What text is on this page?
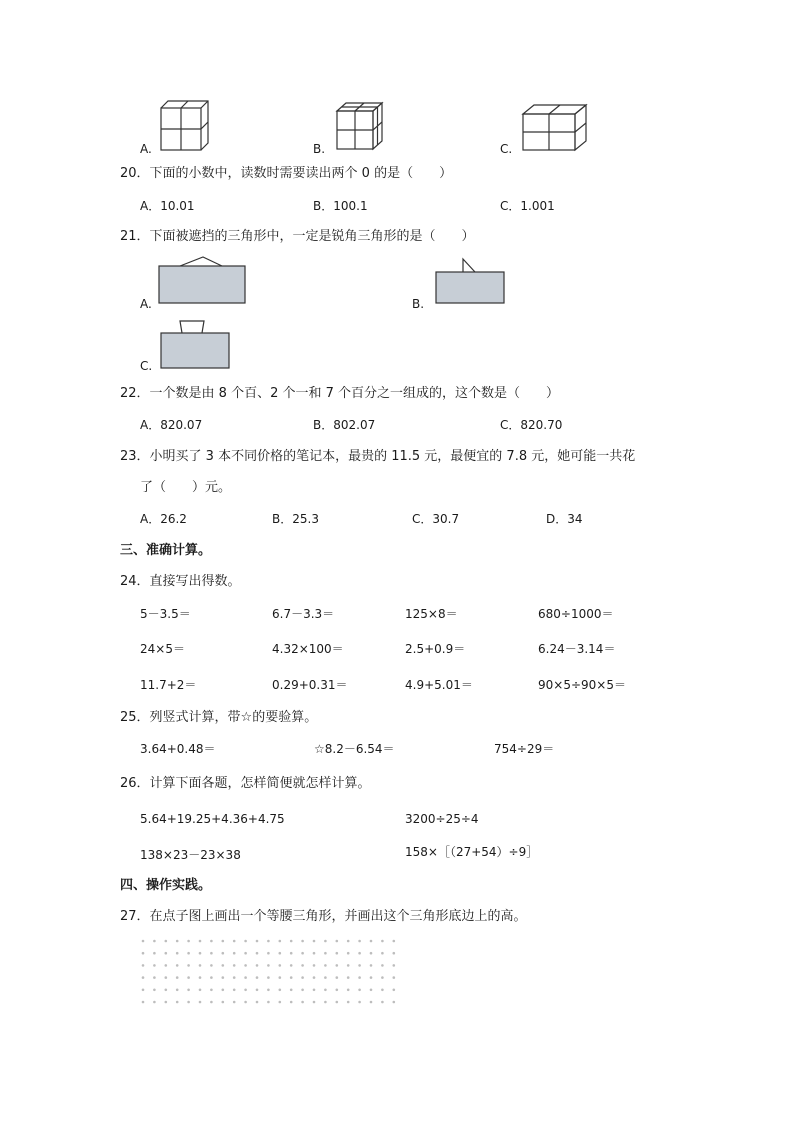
A.	B.	C.
20．下面的小数中，读数时需要读出两个 0 的是（　　）
A．10.01	B．100.1	C．1.001
21．下面被遮挡的三角形中，一定是锐角三角形的是（　　）
A.	B.
C.
22．一个数是由 8 个百、2 个一和 7 个百分之一组成的，这个数是（　　）
A．820.07	B．802.07	C．820.70
23．小明买了 3 本不同价格的笔记本，最贵的 11.5 元，最便宜的 7.8 元，她可能一共花
了（　　）元。
A．26.2	B．25.3	C．30.7	D．34
三、准确计算。
24．直接写出得数。
5－3.5＝	6.7－3.3＝	125×8＝	680÷1000＝
24×5＝	4.32×100＝	2.5+0.9＝	6.24－3.14＝
11.7+2＝	0.29+0.31＝	4.9+5.01＝	90×5÷90×5＝
25．列竖式计算，带☆的要验算。
3.64+0.48＝	☆8.2－6.54＝	754÷29＝
26．计算下面各题，怎样简便就怎样计算。
5.64+19.25+4.36+4.75	3200÷25÷4
138×23－23×38	158×［（27+54）÷9］
四、操作实践。
27．在点子图上画出一个等腰三角形，并画出这个三角形底边上的高。
